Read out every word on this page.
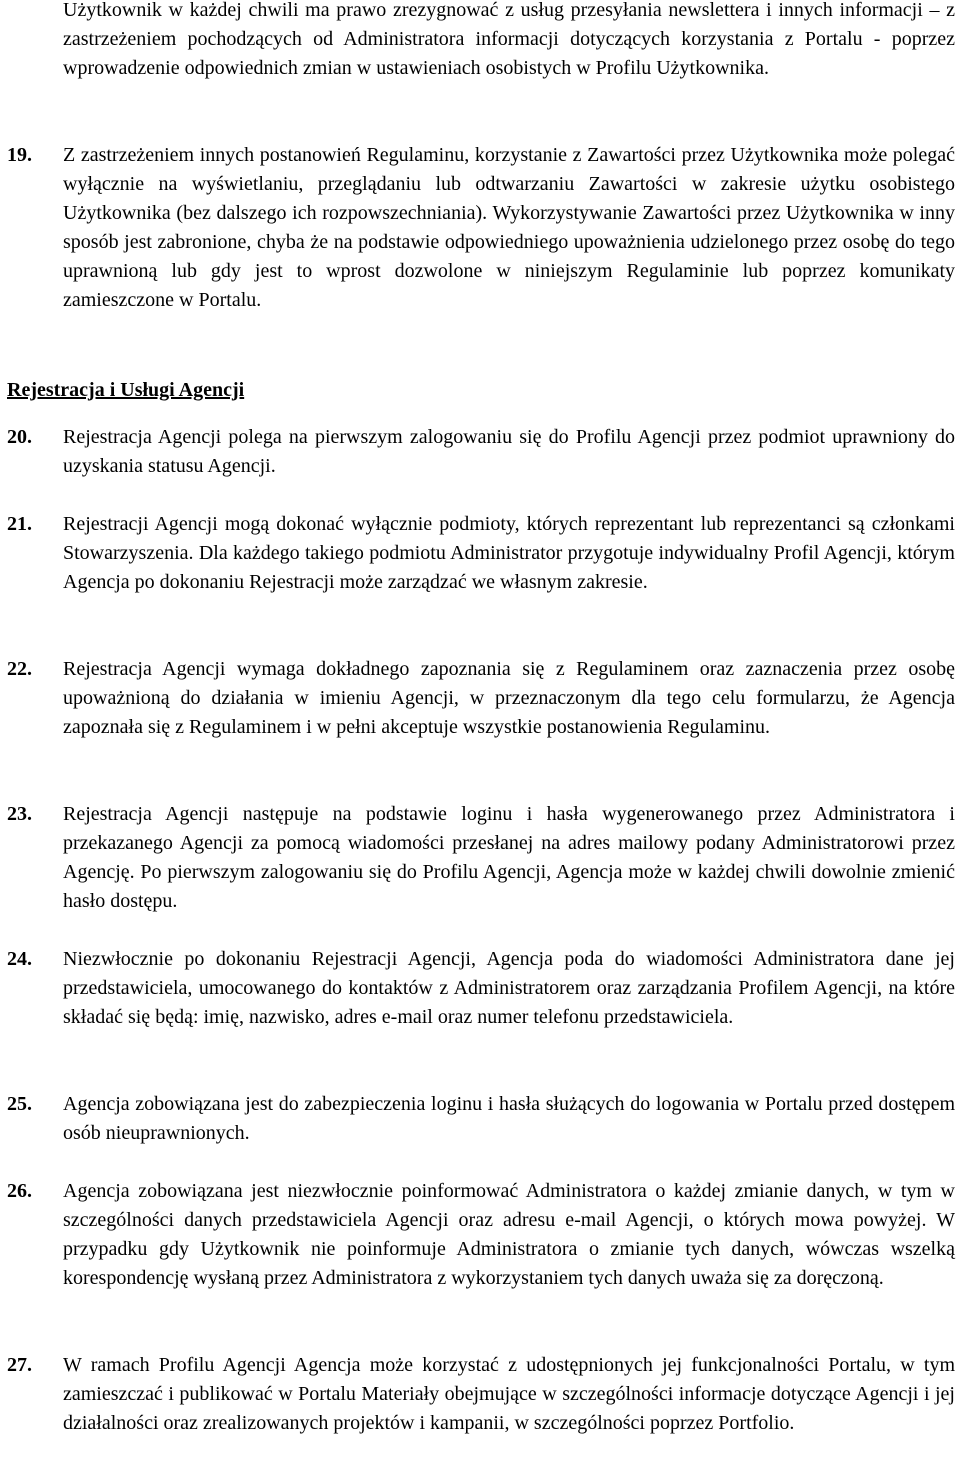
Użytkownik w każdej chwili ma prawo zrezygnować z usług przesyłania newslettera i innych informacji – z zastrzeżeniem pochodzących od Administratora informacji dotyczących korzystania z Portalu - poprzez wprowadzenie odpowiednich zmian w ustawieniach osobistych w Profilu Użytkownika.

19. Z zastrzeżeniem innych postanowień Regulaminu, korzystanie z Zawartości przez Użytkownika może polegać wyłącznie na wyświetlaniu, przeglądaniu lub odtwarzaniu Zawartości w zakresie użytku osobistego Użytkownika (bez dalszego ich rozpowszechniania). Wykorzystywanie Zawartości przez Użytkownika w inny sposób jest zabronione, chyba że na podstawie odpowiedniego upoważnienia udzielonego przez osobę do tego uprawnioną lub gdy jest to wprost dozwolone w niniejszym Regulaminie lub poprzez komunikaty zamieszczone w Portalu.

Rejestracja i Usługi Agencji
20. Rejestracja Agencji polega na pierwszym zalogowaniu się do Profilu Agencji przez podmiot uprawniony do uzyskania statusu Agencji.

21. Rejestracji Agencji mogą dokonać wyłącznie podmioty, których reprezentant lub reprezentanci są członkami Stowarzyszenia. Dla każdego takiego podmiotu Administrator przygotuje indywidualny Profil Agencji, którym Agencja po dokonaniu Rejestracji może zarządzać we własnym zakresie.

22. Rejestracja Agencji wymaga dokładnego zapoznania się z Regulaminem oraz zaznaczenia przez osobę upoważnioną do działania w imieniu Agencji, w przeznaczonym dla tego celu formularzu, że Agencja zapoznała się z Regulaminem i w pełni akceptuje wszystkie postanowienia Regulaminu.

23. Rejestracja Agencji następuje na podstawie loginu i hasła wygenerowanego przez Administratora i przekazanego Agencji za pomocą wiadomości przesłanej na adres mailowy podany Administratorowi przez Agencję. Po pierwszym zalogowaniu się do Profilu Agencji, Agencja może w każdej chwili dowolnie zmienić hasło dostępu.

24. Niezwłocznie po dokonaniu Rejestracji Agencji, Agencja poda do wiadomości Administratora dane jej przedstawiciela, umocowanego do kontaktów z Administratorem oraz zarządzania Profilem Agencji, na które składać się będą: imię, nazwisko, adres e-mail oraz numer telefonu przedstawiciela.

25. Agencja zobowiązana jest do zabezpieczenia loginu i hasła służących do logowania w Portalu przed dostępem osób nieuprawnionych.

26. Agencja zobowiązana jest niezwłocznie poinformować Administratora o każdej zmianie danych, w tym w szczególności danych przedstawiciela Agencji oraz adresu e-mail Agencji, o których mowa powyżej. W przypadku gdy Użytkownik nie poinformuje Administratora o zmianie tych danych, wówczas wszelką korespondencję wysłaną przez Administratora z wykorzystaniem tych danych uważa się za doręczoną.

27. W ramach Profilu Agencji Agencja może korzystać z udostępnionych jej funkcjonalności Portalu, w tym zamieszczać i publikować w Portalu Materiały obejmujące w szczególności informacje dotyczące Agencji i jej działalności oraz zrealizowanych projektów i kampanii, w szczególności poprzez Portfolio.
